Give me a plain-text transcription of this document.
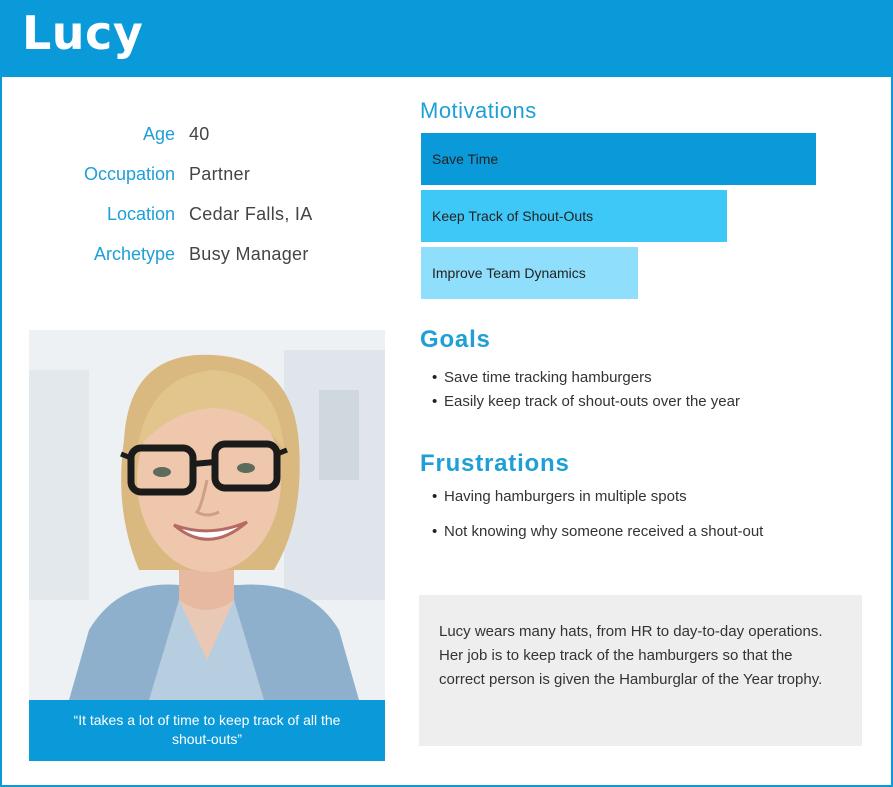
Lucy
Age 40
Occupation Partner
Location Cedar Falls, IA
Archetype Busy Manager
“It takes a lot of time to keep track of all the shout-outs”
Motivations
Save Time
Keep Track of Shout-Outs
Improve Team Dynamics
Goals
• Save time tracking hamburgers
• Easily keep track of shout-outs over the year
Frustrations
• Having hamburgers in multiple spots
• Not knowing why someone received a shout-out
Lucy wears many hats, from HR to day-to-day operations. Her job is to keep track of the hamburgers so that the correct person is given the Hamburglar of the Year trophy.
